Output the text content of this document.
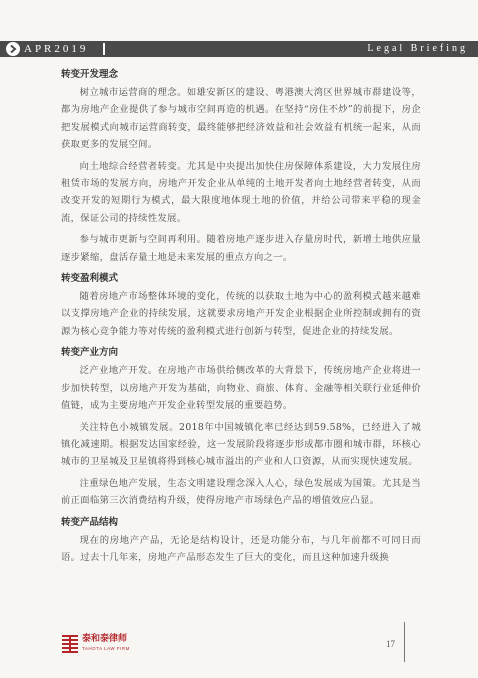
APR2019	Legal Briefing
转变开发理念

树立城市运营商的理念。如雄安新区的建设、粤港澳大湾区世界城市群建设等，都为房地产企业提供了参与城市空间再造的机遇。在坚持“房住不炒”的前提下，房企把发展模式向城市运营商转变，最终能够把经济效益和社会效益有机统一起来，从而获取更多的发展空间。

向土地综合经营者转变。尤其是中央提出加快住房保障体系建设，大力发展住房租赁市场的发展方向，房地产开发企业从单纯的土地开发者向土地经营者转变，从而改变开发的短期行为模式，最大限度地体现土地的价值，并给公司带来平稳的现金流，保证公司的持续性发展。

参与城市更新与空间再利用。随着房地产逐步进入存量房时代，新增土地供应量逐步紧缩，盘活存量土地是未来发展的重点方向之一。

转变盈利模式

随着房地产市场整体环境的变化，传统的以获取土地为中心的盈利模式越来越难以支撑房地产企业的持续发展，这就要求房地产开发企业根据企业所控制或拥有的资源为核心竞争能力等对传统的盈利模式进行创新与转型，促进企业的持续发展。

转变产业方向

泛产业地产开发。在房地产市场供给侧改革的大背景下，传统房地产企业将进一步加快转型，以房地产开发为基础，向物业、商旅、体育、金融等相关联行业延伸价值链，成为主要房地产开发企业转型发展的重要趋势。

关注特色小城镇发展。2018年中国城镇化率已经达到59.58%，已经进入了城镇化减速期。根据发达国家经验，这一发展阶段将逐步形成都市圈和城市群，环核心城市的卫星城及卫星镇将得到核心城市溢出的产业和人口资源，从而实现快速发展。

注重绿色地产发展，生态文明建设理念深入人心，绿色发展成为国策。尤其是当前正面临第三次消费结构升级，使得房地产市场绿色产品的增值效应凸显。

转变产品结构

现在的房地产产品，无论是结构设计，还是功能分布，与几年前都不可同日而语。过去十几年来，房地产产品形态发生了巨大的变化，而且这种加速升级换

泰和泰律师
TAHOTA LAW FIRM	17
